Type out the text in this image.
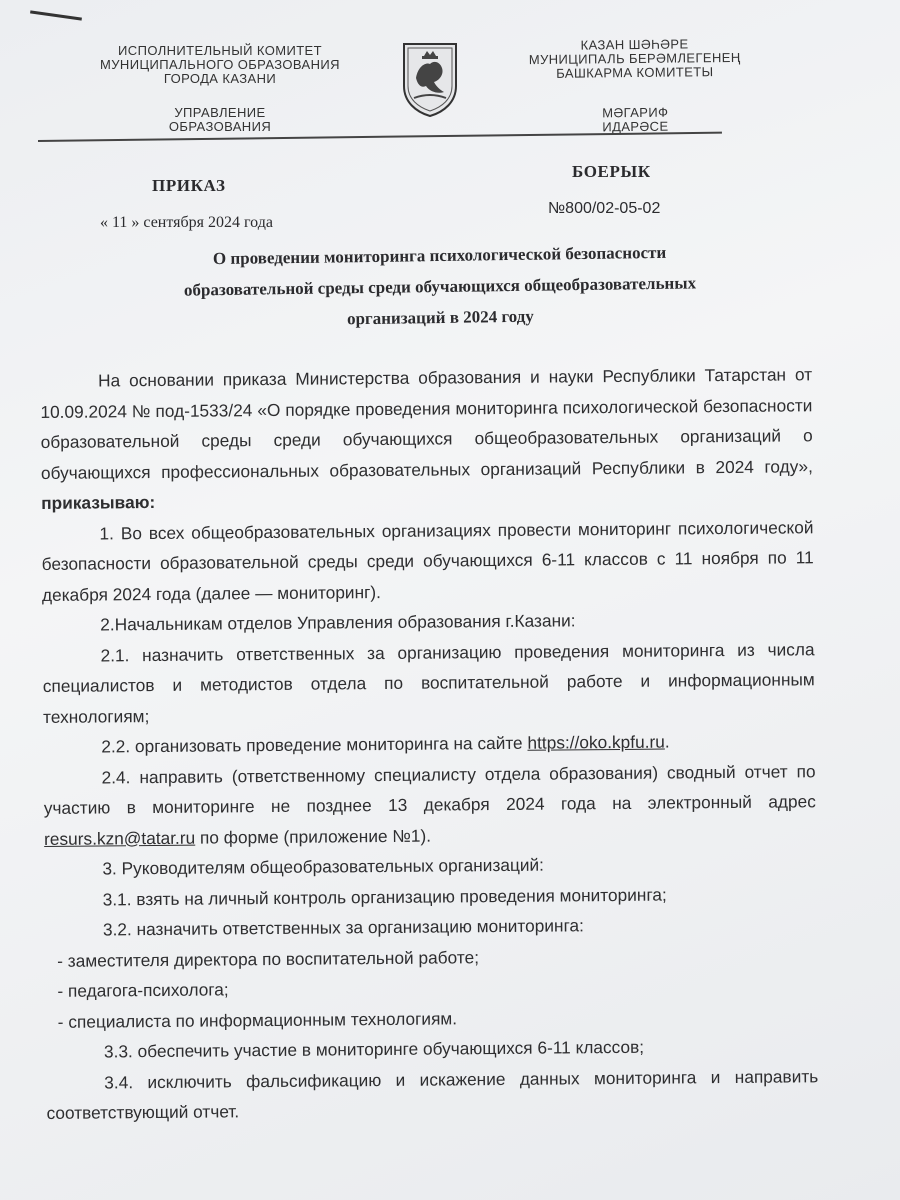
ИСПОЛНИТЕЛЬНЫЙ КОМИТЕТ
МУНИЦИПАЛЬНОГО ОБРАЗОВАНИЯ
ГОРОДА КАЗАНИ
УПРАВЛЕНИЕ
ОБРАЗОВАНИЯ
КАЗАН ШӘҺӘРЕ
МУНИЦИПАЛЬ БЕРӘМЛЕГЕНЕҢ
БАШКАРМА КОМИТЕТЫ
МӘГАРИФ
ИДАРӘСЕ
ПРИКАЗ
БОЕРЫК
« 11 » сентября 2024 года
№800/02-05-02
О проведении мониторинга психологической безопасности
образовательной среды среди обучающихся общеобразовательных
организаций в 2024 году

На основании приказа Министерства образования и науки Республики Татарстан от 10.09.2024 № под-1533/24 «О порядке проведения мониторинга психологической безопасности образовательной среды среди обучающихся общеобразовательных организаций о обучающихся профессиональных образовательных организаций Республики в 2024 году», приказываю:

1. Во всех общеобразовательных организациях провести мониторинг психологической безопасности образовательной среды среди обучающихся 6-11 классов с 11 ноября по 11 декабря 2024 года (далее — мониторинг).

2.Начальникам отделов Управления образования г.Казани:

2.1. назначить ответственных за организацию проведения мониторинга из числа специалистов и методистов отдела по воспитательной работе и информационным технологиям;

2.2. организовать проведение мониторинга на сайте https://oko.kpfu.ru.

2.4. направить (ответственному специалисту отдела образования) сводный отчет по участию в мониторинге не позднее 13 декабря 2024 года на электронный адрес resurs.kzn@tatar.ru по форме (приложение №1).

3. Руководителям общеобразовательных организаций:

3.1. взять на личный контроль организацию проведения мониторинга;

3.2. назначить ответственных за организацию мониторинга:

- заместителя директора по воспитательной работе;

- педагога-психолога;

- специалиста по информационным технологиям.

3.3. обеспечить участие в мониторинге обучающихся 6-11 классов;

3.4. исключить фальсификацию и искажение данных мониторинга и направить соответствующий отчет.
